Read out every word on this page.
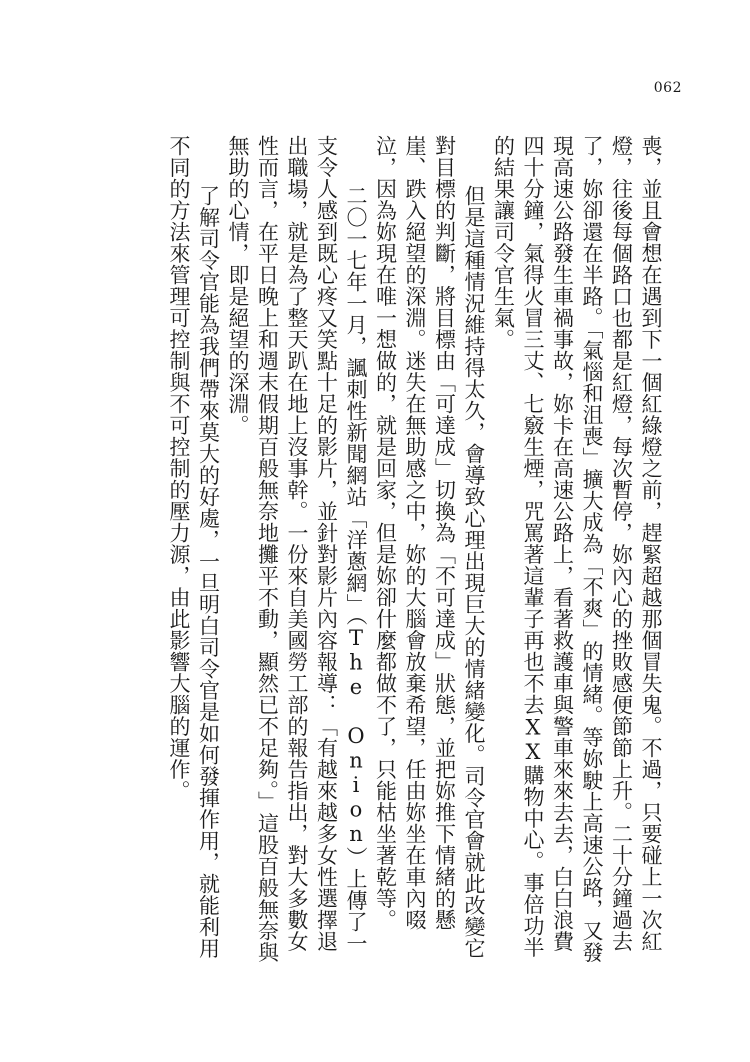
062

喪，並且會想在遇到下一個紅綠燈之前，趕緊超越那個冒失鬼。不過，只要碰上一次紅燈，往後每個路口也都是紅燈，每次暫停，妳內心的挫敗感便節節上升。二十分鐘過去了，妳卻還在半路。「氣惱和沮喪」擴大成為「不爽」的情緒。等妳駛上高速公路，又發現高速公路發生車禍事故，妳卡在高速公路上，看著救護車與警車來來去去，白白浪費四十分鐘，氣得火冒三丈、七竅生煙，咒罵著這輩子再也不去XX購物中心。事倍功半的結果讓司令官生氣。

但是這種情況維持得太久，會導致心理出現巨大的情緒變化。司令官會就此改變它對目標的判斷，將目標由「可達成」切換為「不可達成」狀態，並把妳推下情緒的懸崖、跌入絕望的深淵。迷失在無助感之中，妳的大腦會放棄希望，任由妳坐在車內啜泣，因為妳現在唯一想做的，就是回家，但是妳卻什麼都做不了，只能枯坐著乾等。

二〇一七年一月，諷刺性新聞網站「洋蔥網」（The Onion）上傳了一支令人感到既心疼又笑點十足的影片，並針對影片內容報導：「有越來越多女性選擇退出職場，就是為了整天趴在地上沒事幹。一份來自美國勞工部的報告指出，對大多數女性而言，在平日晚上和週末假期百般無奈地攤平不動，顯然已不足夠。」這股百般無奈與無助的心情，即是絕望的深淵。

了解司令官能為我們帶來莫大的好處，一旦明白司令官是如何發揮作用，就能利用不同的方法來管理可控制與不可控制的壓力源，由此影響大腦的運作。
